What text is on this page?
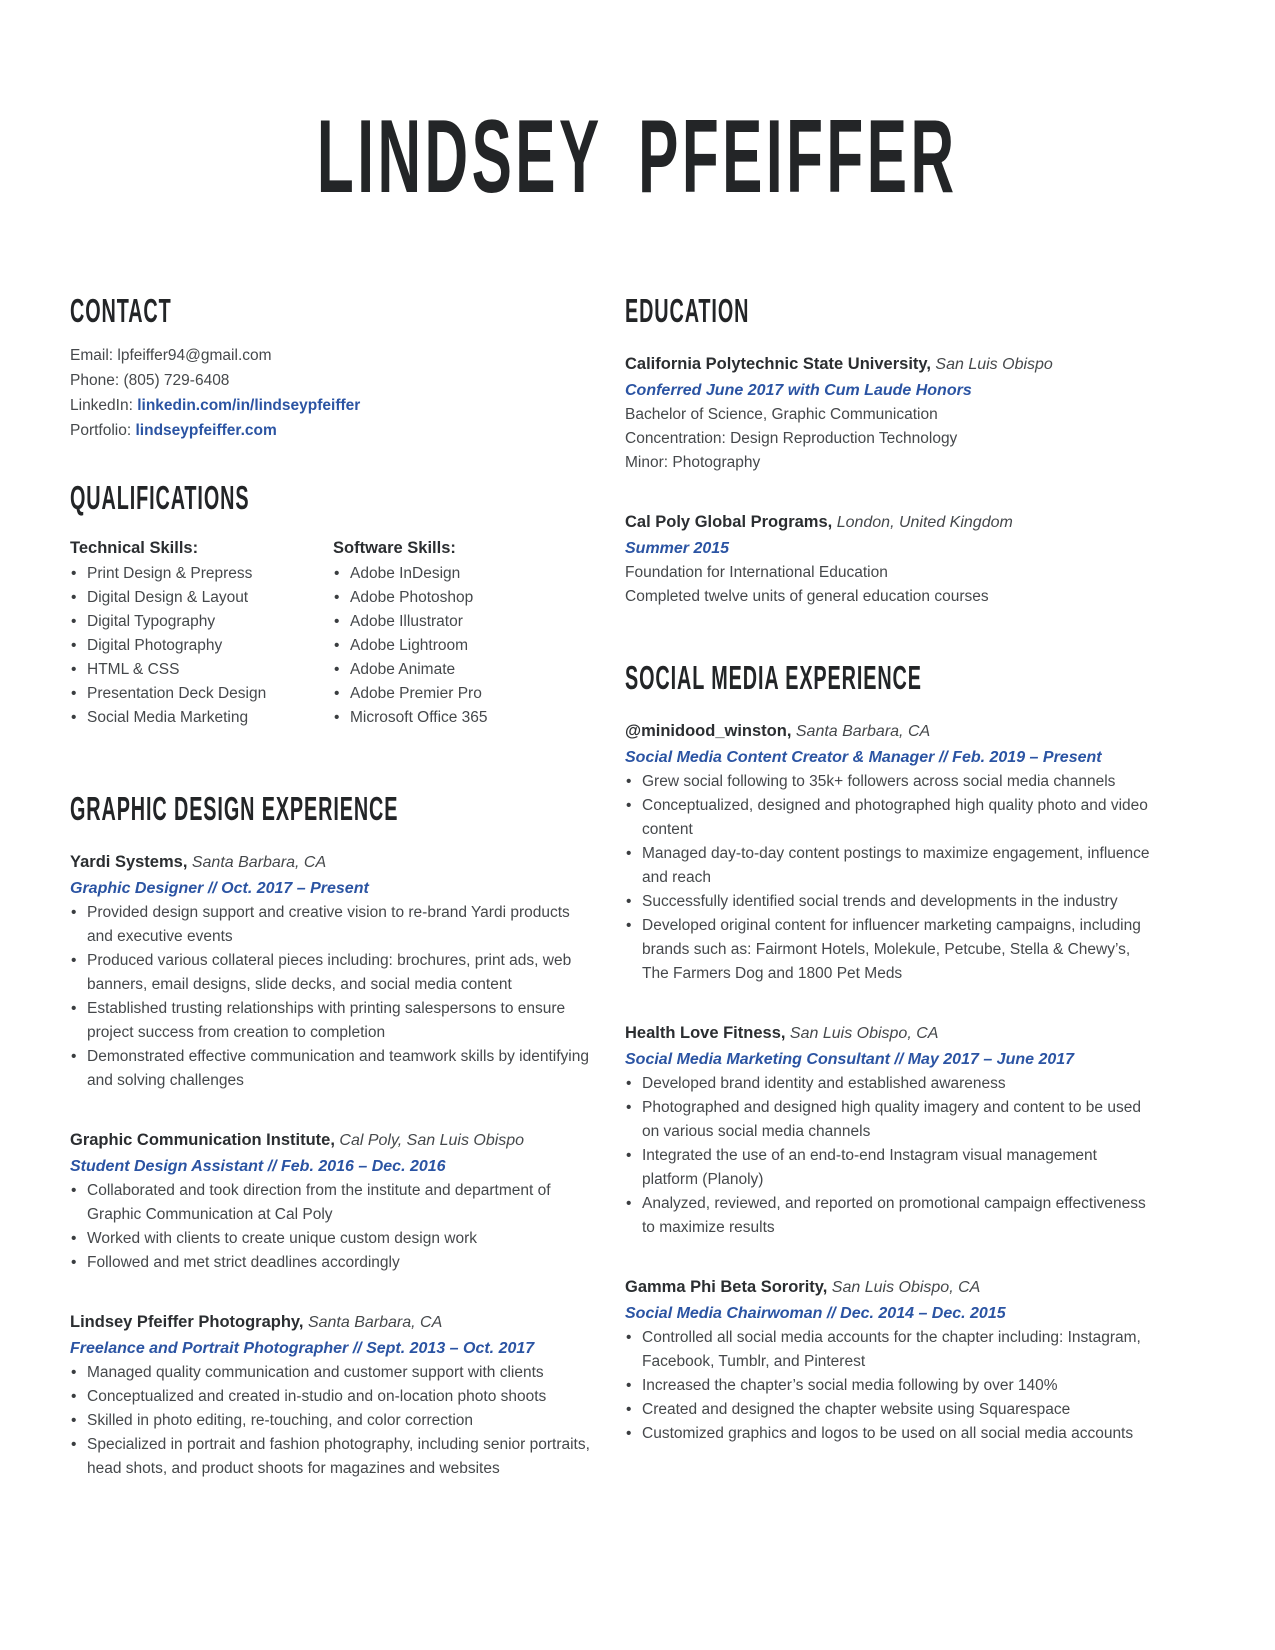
LINDSEY PFEIFFER
CONTACT
Email: lpfeiffer94@gmail.com
Phone: (805) 729-6408
LinkedIn: linkedin.com/in/lindseypfeiffer
Portfolio: lindseypfeiffer.com
QUALIFICATIONS
Technical Skills:
• Print Design & Prepress
• Digital Design & Layout
• Digital Typography
• Digital Photography
• HTML & CSS
• Presentation Deck Design
• Social Media Marketing
Software Skills:
• Adobe InDesign
• Adobe Photoshop
• Adobe Illustrator
• Adobe Lightroom
• Adobe Animate
• Adobe Premier Pro
• Microsoft Office 365
GRAPHIC DESIGN EXPERIENCE
Yardi Systems, Santa Barbara, CA
Graphic Designer // Oct. 2017 – Present
• Provided design support and creative vision to re-brand Yardi products and executive events
• Produced various collateral pieces including: brochures, print ads, web banners, email designs, slide decks, and social media content
• Established trusting relationships with printing salespersons to ensure project success from creation to completion
• Demonstrated effective communication and teamwork skills by identifying and solving challenges
Graphic Communication Institute, Cal Poly, San Luis Obispo
Student Design Assistant // Feb. 2016 – Dec. 2016
• Collaborated and took direction from the institute and department of Graphic Communication at Cal Poly
• Worked with clients to create unique custom design work
• Followed and met strict deadlines accordingly
Lindsey Pfeiffer Photography, Santa Barbara, CA
Freelance and Portrait Photographer // Sept. 2013 – Oct. 2017
• Managed quality communication and customer support with clients
• Conceptualized and created in-studio and on-location photo shoots
• Skilled in photo editing, re-touching, and color correction
• Specialized in portrait and fashion photography, including senior portraits, head shots, and product shoots for magazines and websites
EDUCATION
California Polytechnic State University, San Luis Obispo
Conferred June 2017 with Cum Laude Honors
Bachelor of Science, Graphic Communication
Concentration: Design Reproduction Technology
Minor: Photography
Cal Poly Global Programs, London, United Kingdom
Summer 2015
Foundation for International Education
Completed twelve units of general education courses
SOCIAL MEDIA EXPERIENCE
@minidood_winston, Santa Barbara, CA
Social Media Content Creator & Manager // Feb. 2019 – Present
• Grew social following to 35k+ followers across social media channels
• Conceptualized, designed and photographed high quality photo and video content
• Managed day-to-day content postings to maximize engagement, influence and reach
• Successfully identified social trends and developments in the industry
• Developed original content for influencer marketing campaigns, including brands such as: Fairmont Hotels, Molekule, Petcube, Stella & Chewy’s, The Farmers Dog and 1800 Pet Meds
Health Love Fitness, San Luis Obispo, CA
Social Media Marketing Consultant // May 2017 – June 2017
• Developed brand identity and established awareness
• Photographed and designed high quality imagery and content to be used on various social media channels
• Integrated the use of an end-to-end Instagram visual management platform (Planoly)
• Analyzed, reviewed, and reported on promotional campaign effectiveness to maximize results
Gamma Phi Beta Sorority, San Luis Obispo, CA
Social Media Chairwoman // Dec. 2014 – Dec. 2015
• Controlled all social media accounts for the chapter including: Instagram, Facebook, Tumblr, and Pinterest
• Increased the chapter’s social media following by over 140%
• Created and designed the chapter website using Squarespace
• Customized graphics and logos to be used on all social media accounts
